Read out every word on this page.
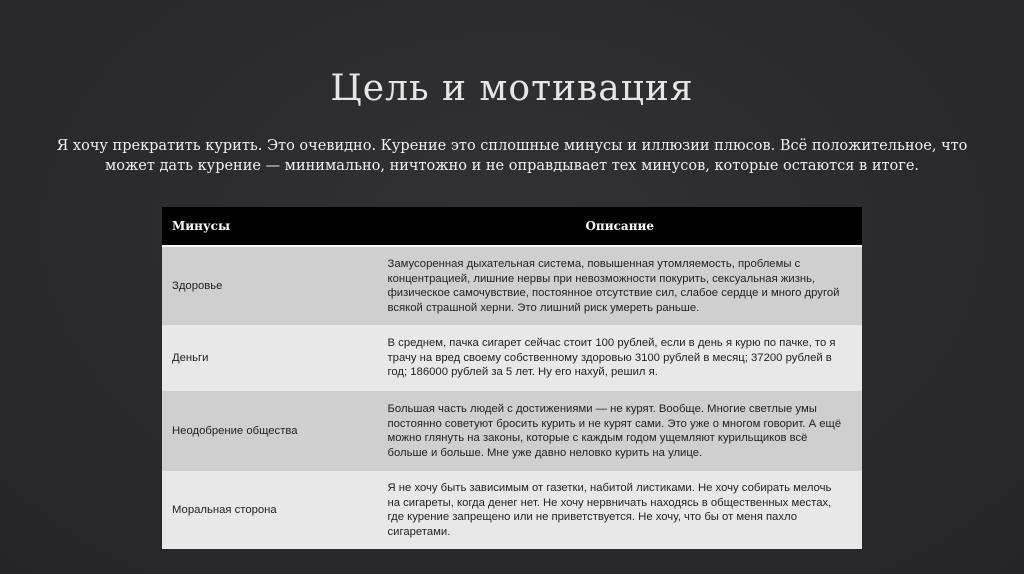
Цель и мотивация
Я хочу прекратить курить. Это очевидно. Курение это сплошные минусы и иллюзии плюсов. Всё положительное, что может дать курение — минимально, ничтожно и не оправдывает тех минусов, которые остаются в итоге.
Минусы	Описание
Здоровье	Замусоренная дыхательная система, повышенная утомляемость, проблемы с концентрацией, лишние нервы при невозможности покурить, сексуальная жизнь, физическое самочувствие, постоянное отсутствие сил, слабое сердце и много другой всякой страшной херни. Это лишний риск умереть раньше.
Деньги	В среднем, пачка сигарет сейчас стоит 100 рублей, если в день я курю по пачке, то я трачу на вред своему собственному здоровью 3100 рублей в месяц; 37200 рублей в год; 186000 рублей за 5 лет. Ну его нахуй, решил я.
Неодобрение общества	Большая часть людей с достижениями — не курят. Вообще. Многие светлые умы постоянно советуют бросить курить и не курят сами. Это уже о многом говорит. А ещё можно глянуть на законы, которые с каждым годом ущемляют курильщиков всё больше и больше. Мне уже давно неловко курить на улице.
Моральная сторона	Я не хочу быть зависимым от газетки, набитой листиками. Не хочу собирать мелочь на сигареты, когда денег нет. Не хочу нервничать находясь в общественных местах, где курение запрещено или не приветствуется. Не хочу, что бы от меня пахло сигаретами.
